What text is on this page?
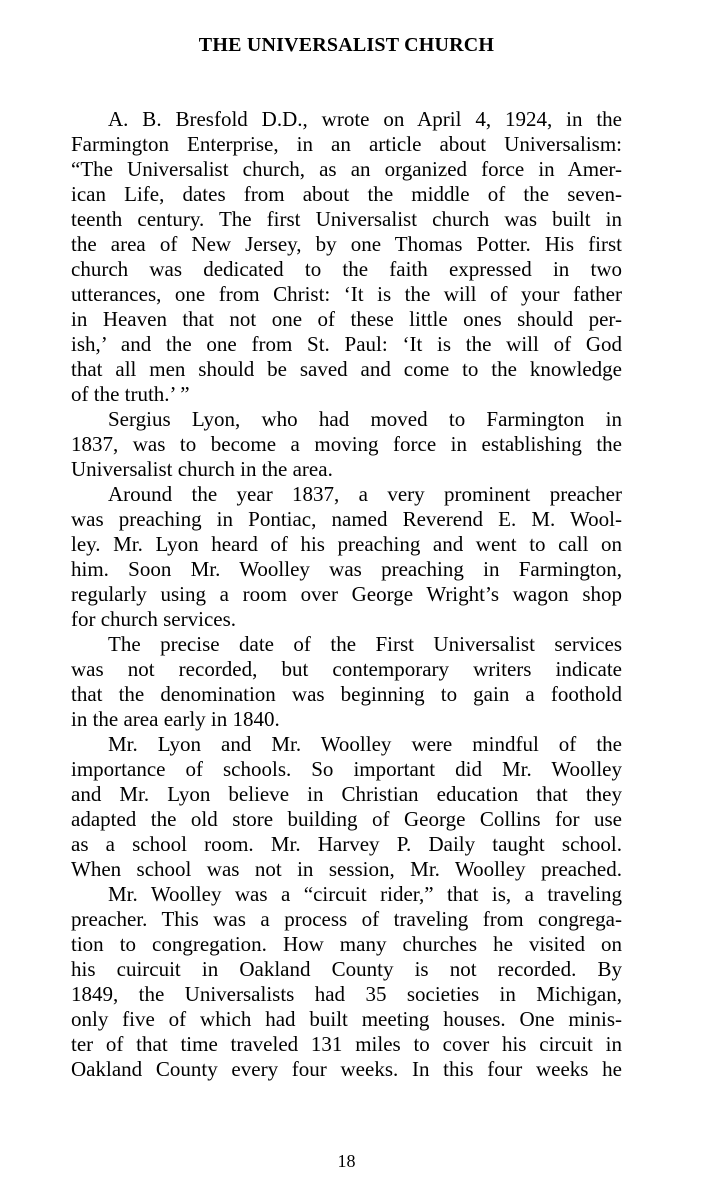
THE UNIVERSALIST CHURCH
A. B. Bresfold D.D., wrote on April 4, 1924, in the
Farmington Enterprise, in an article about Universalism:
“The Universalist church, as an organized force in Amer-
ican Life, dates from about the middle of the seven-
teenth century. The first Universalist church was built in
the area of New Jersey, by one Thomas Potter. His first
church was dedicated to the faith expressed in two
utterances, one from Christ: ‘It is the will of your father
in Heaven that not one of these little ones should per-
ish,’ and the one from St. Paul: ‘It is the will of God
that all men should be saved and come to the knowledge
of the truth.’ ”
Sergius Lyon, who had moved to Farmington in
1837, was to become a moving force in establishing the
Universalist church in the area.
Around the year 1837, a very prominent preacher
was preaching in Pontiac, named Reverend E. M. Wool-
ley. Mr. Lyon heard of his preaching and went to call on
him. Soon Mr. Woolley was preaching in Farmington,
regularly using a room over George Wright’s wagon shop
for church services.
The precise date of the First Universalist services
was not recorded, but contemporary writers indicate
that the denomination was beginning to gain a foothold
in the area early in 1840.
Mr. Lyon and Mr. Woolley were mindful of the
importance of schools. So important did Mr. Woolley
and Mr. Lyon believe in Christian education that they
adapted the old store building of George Collins for use
as a school room. Mr. Harvey P. Daily taught school.
When school was not in session, Mr. Woolley preached.
Mr. Woolley was a “circuit rider,” that is, a traveling
preacher. This was a process of traveling from congrega-
tion to congregation. How many churches he visited on
his cuircuit in Oakland County is not recorded. By
1849, the Universalists had 35 societies in Michigan,
only five of which had built meeting houses. One minis-
ter of that time traveled 131 miles to cover his circuit in
Oakland County every four weeks. In this four weeks he
18
